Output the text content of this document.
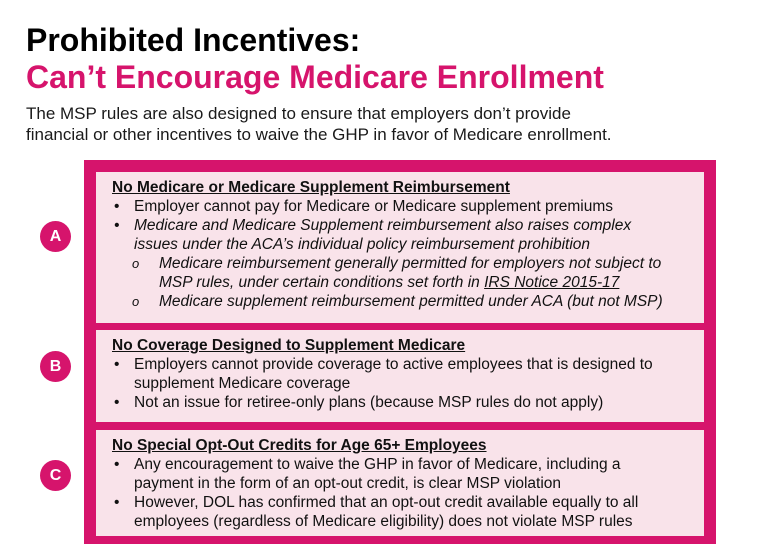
Prohibited Incentives:
Can’t Encourage Medicare Enrollment
The MSP rules are also designed to ensure that employers don’t provide
financial or other incentives to waive the GHP in favor of Medicare enrollment.
A
B
C
No Medicare or Medicare Supplement Reimbursement
• Employer cannot pay for Medicare or Medicare supplement premiums
• Medicare and Medicare Supplement reimbursement also raises complex
issues under the ACA’s individual policy reimbursement prohibition
o Medicare reimbursement generally permitted for employers not subject to
MSP rules, under certain conditions set forth in IRS Notice 2015-17
o Medicare supplement reimbursement permitted under ACA (but not MSP)
No Coverage Designed to Supplement Medicare
• Employers cannot provide coverage to active employees that is designed to
supplement Medicare coverage
• Not an issue for retiree-only plans (because MSP rules do not apply)
No Special Opt-Out Credits for Age 65+ Employees
• Any encouragement to waive the GHP in favor of Medicare, including a
payment in the form of an opt-out credit, is clear MSP violation
• However, DOL has confirmed that an opt-out credit available equally to all
employees (regardless of Medicare eligibility) does not violate MSP rules
